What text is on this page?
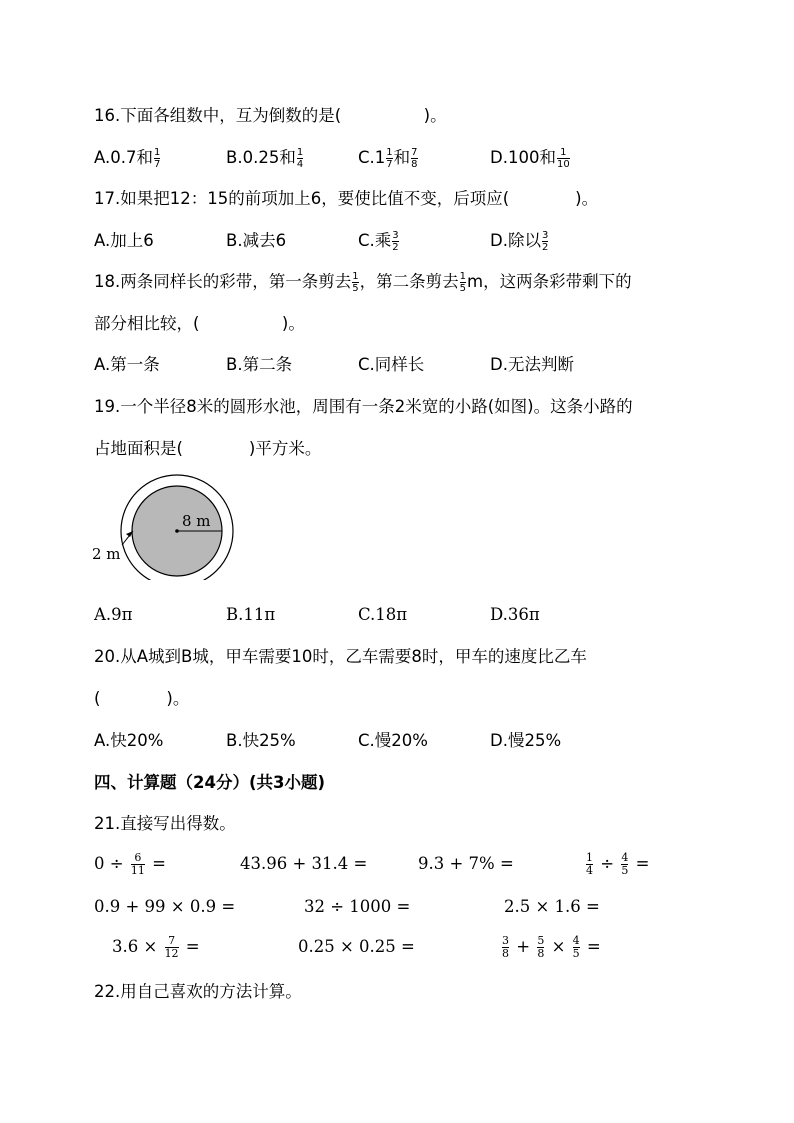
16.下面各组数中，互为倒数的是(　　　　　)。
A.0.7和 $\frac{1}{7}$	B.0.25和 $\frac{1}{4}$	$C.1 \frac{1}{7}$ 和 $\frac{7}{8}$	D.100和 $\frac{1}{10}$
17.如果把12：15的前项加上6，要使比值不变，后项应(　　　　)。
A.加上6	B.减去6	C.乘 $\frac{3}{2}$	D.除以 $\frac{3}{2}$
18.两条同样长的彩带，第一条剪去 $\frac{1}{5}$ ，第二条剪去 $\frac{1}{5}$ m，这两条彩带剩下的
部分相比较，(　　　　　)。
A.第一条	B.第二条	C.同样长	D.无法判断
19.一个半径8米的圆形水池，周围有一条2米宽的小路(如图)。这条小路的
占地面积是(　　　　)平方米。
8 m
2 m
A.9π	B.11π	C.18π	D.36π
20.从A城到B城，甲车需要10时，乙车需要8时，甲车的速度比乙车
(　　　　)。
A.快20%	B.快25%	C.慢20%	D.慢25%
四、计算题（24分）(共3小题)
21.直接写出得数。
$0 \div \frac{6}{11}$ =	43.96 + 31.4 =	9.3 + 7% =	$\frac{1}{4} \div \frac{4}{5}$ =
0.9 + 99 × 0.9 =	32 ÷ 1000 =	2.5 × 1.6 =
$3.6 \times \frac{7}{12}$ =	0.25 × 0.25 =	$\frac{3}{8} + \frac{5}{8} \times \frac{4}{5}$ =
22.用自己喜欢的方法计算。
